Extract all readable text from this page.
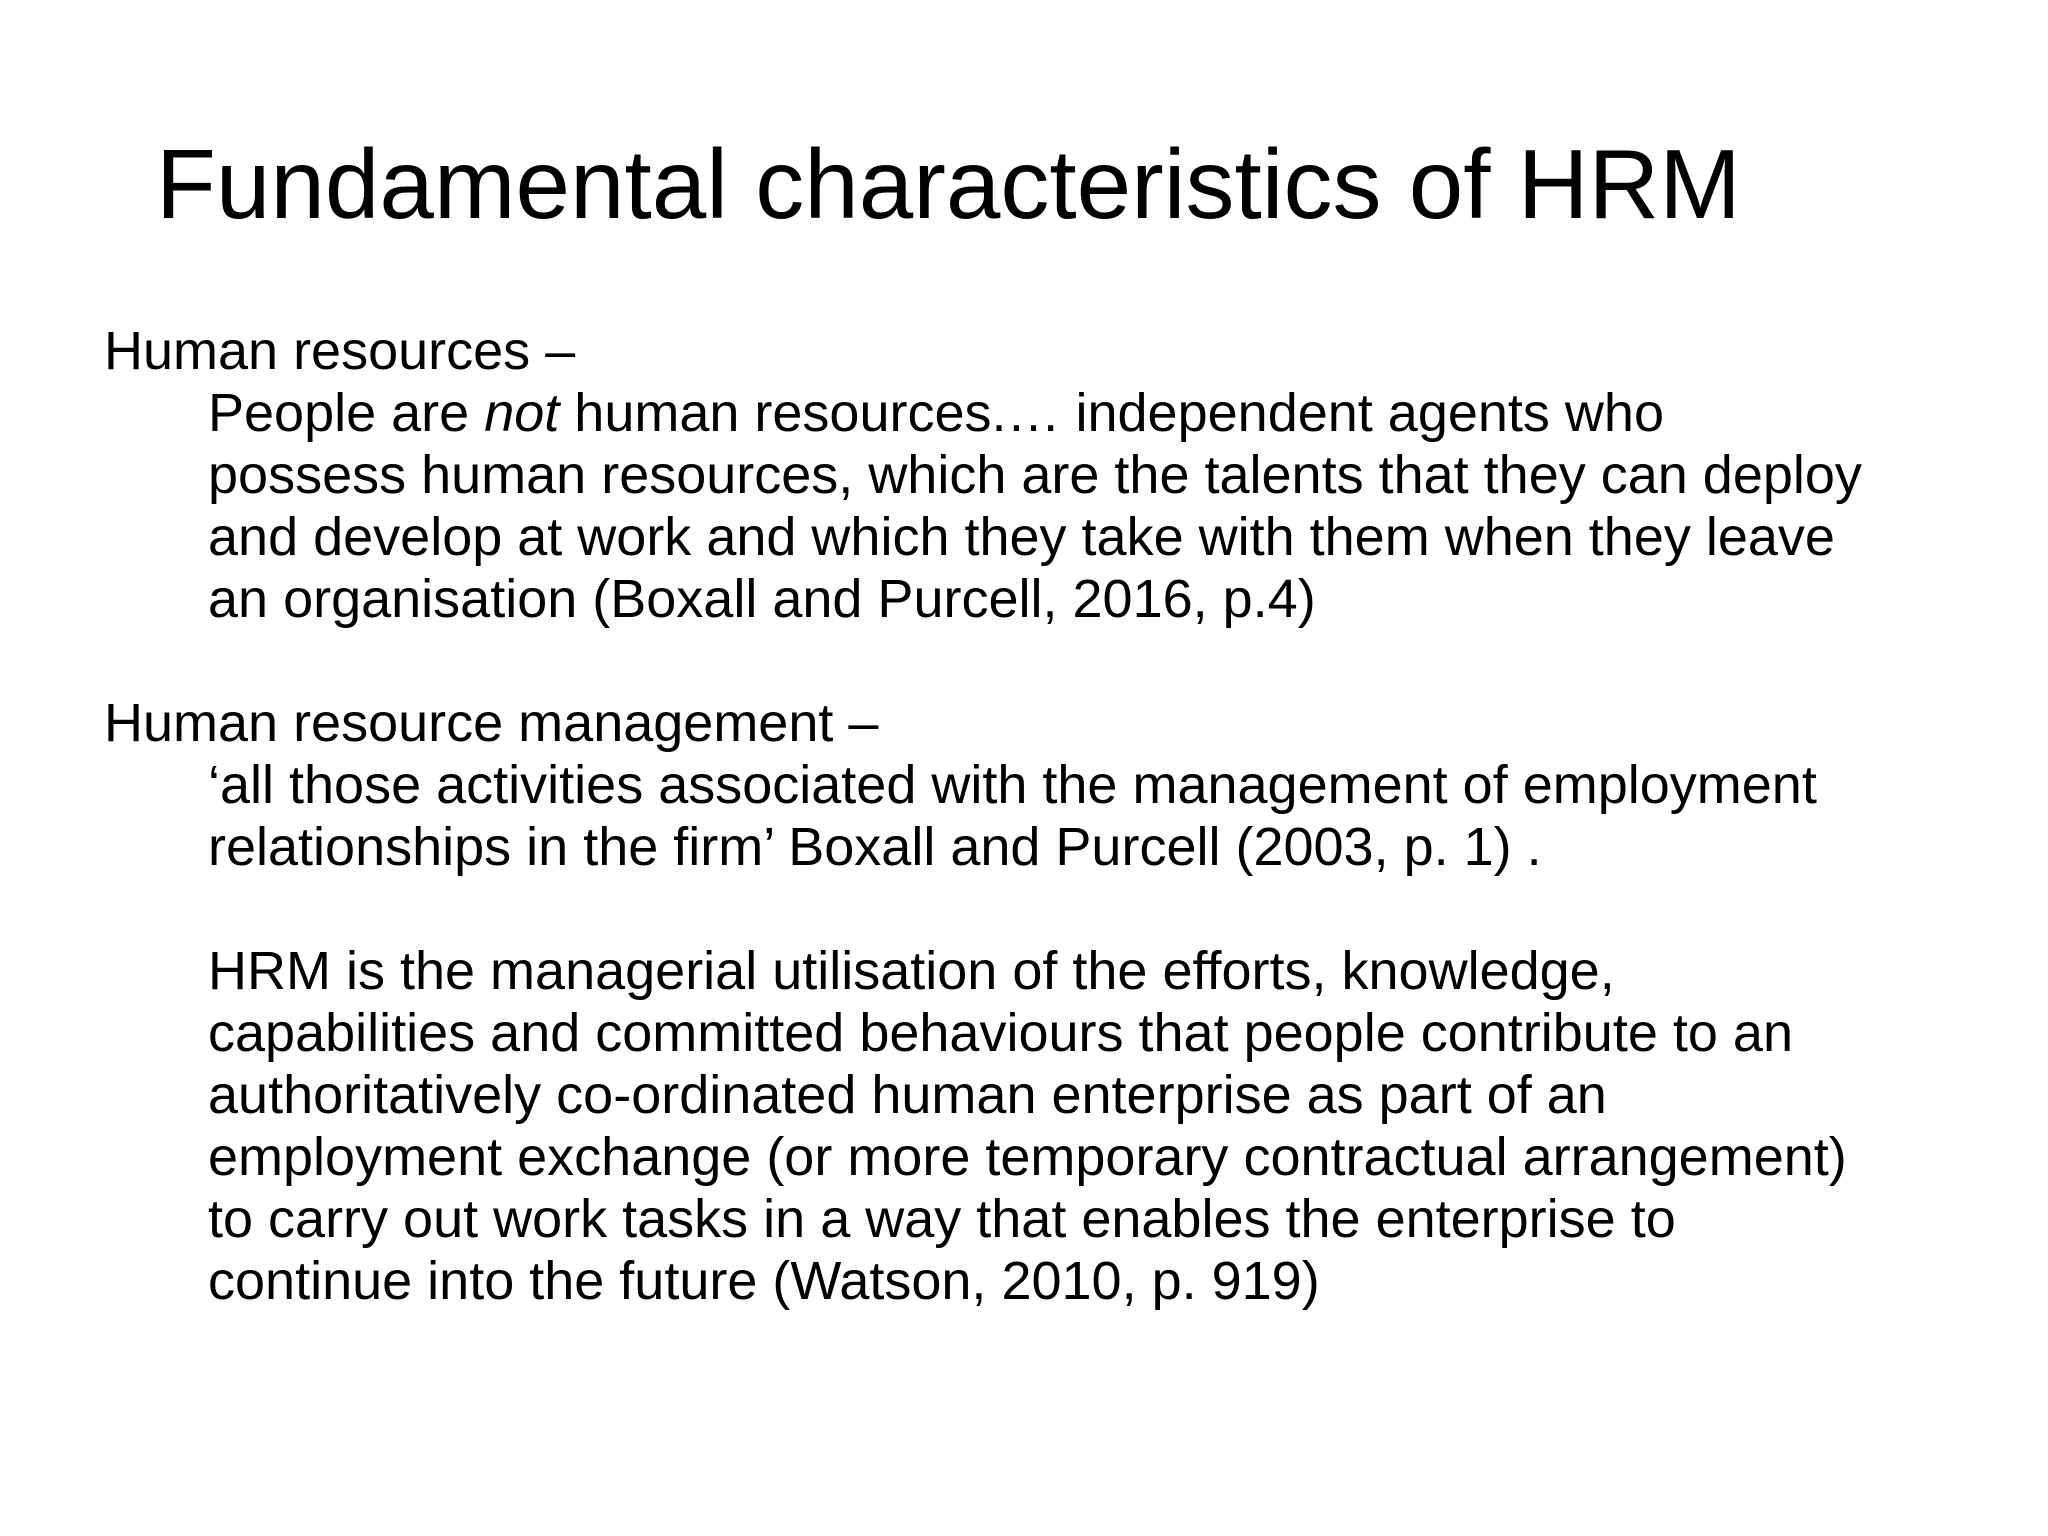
Fundamental characteristics of HRM

Human resources –

People are not human resources.… independent agents who
possess human resources, which are the talents that they can deploy
and develop at work and which they take with them when they leave
an organisation (Boxall and Purcell, 2016, p.4)

Human resource management –

‘all those activities associated with the management of employment
relationships in the firm’ Boxall and Purcell (2003, p. 1) .
HRM is the managerial utilisation of the efforts, knowledge,
capabilities and committed behaviours that people contribute to an
authoritatively co-ordinated human enterprise as part of an
employment exchange (or more temporary contractual arrangement)
to carry out work tasks in a way that enables the enterprise to
continue into the future (Watson, 2010, p. 919)
